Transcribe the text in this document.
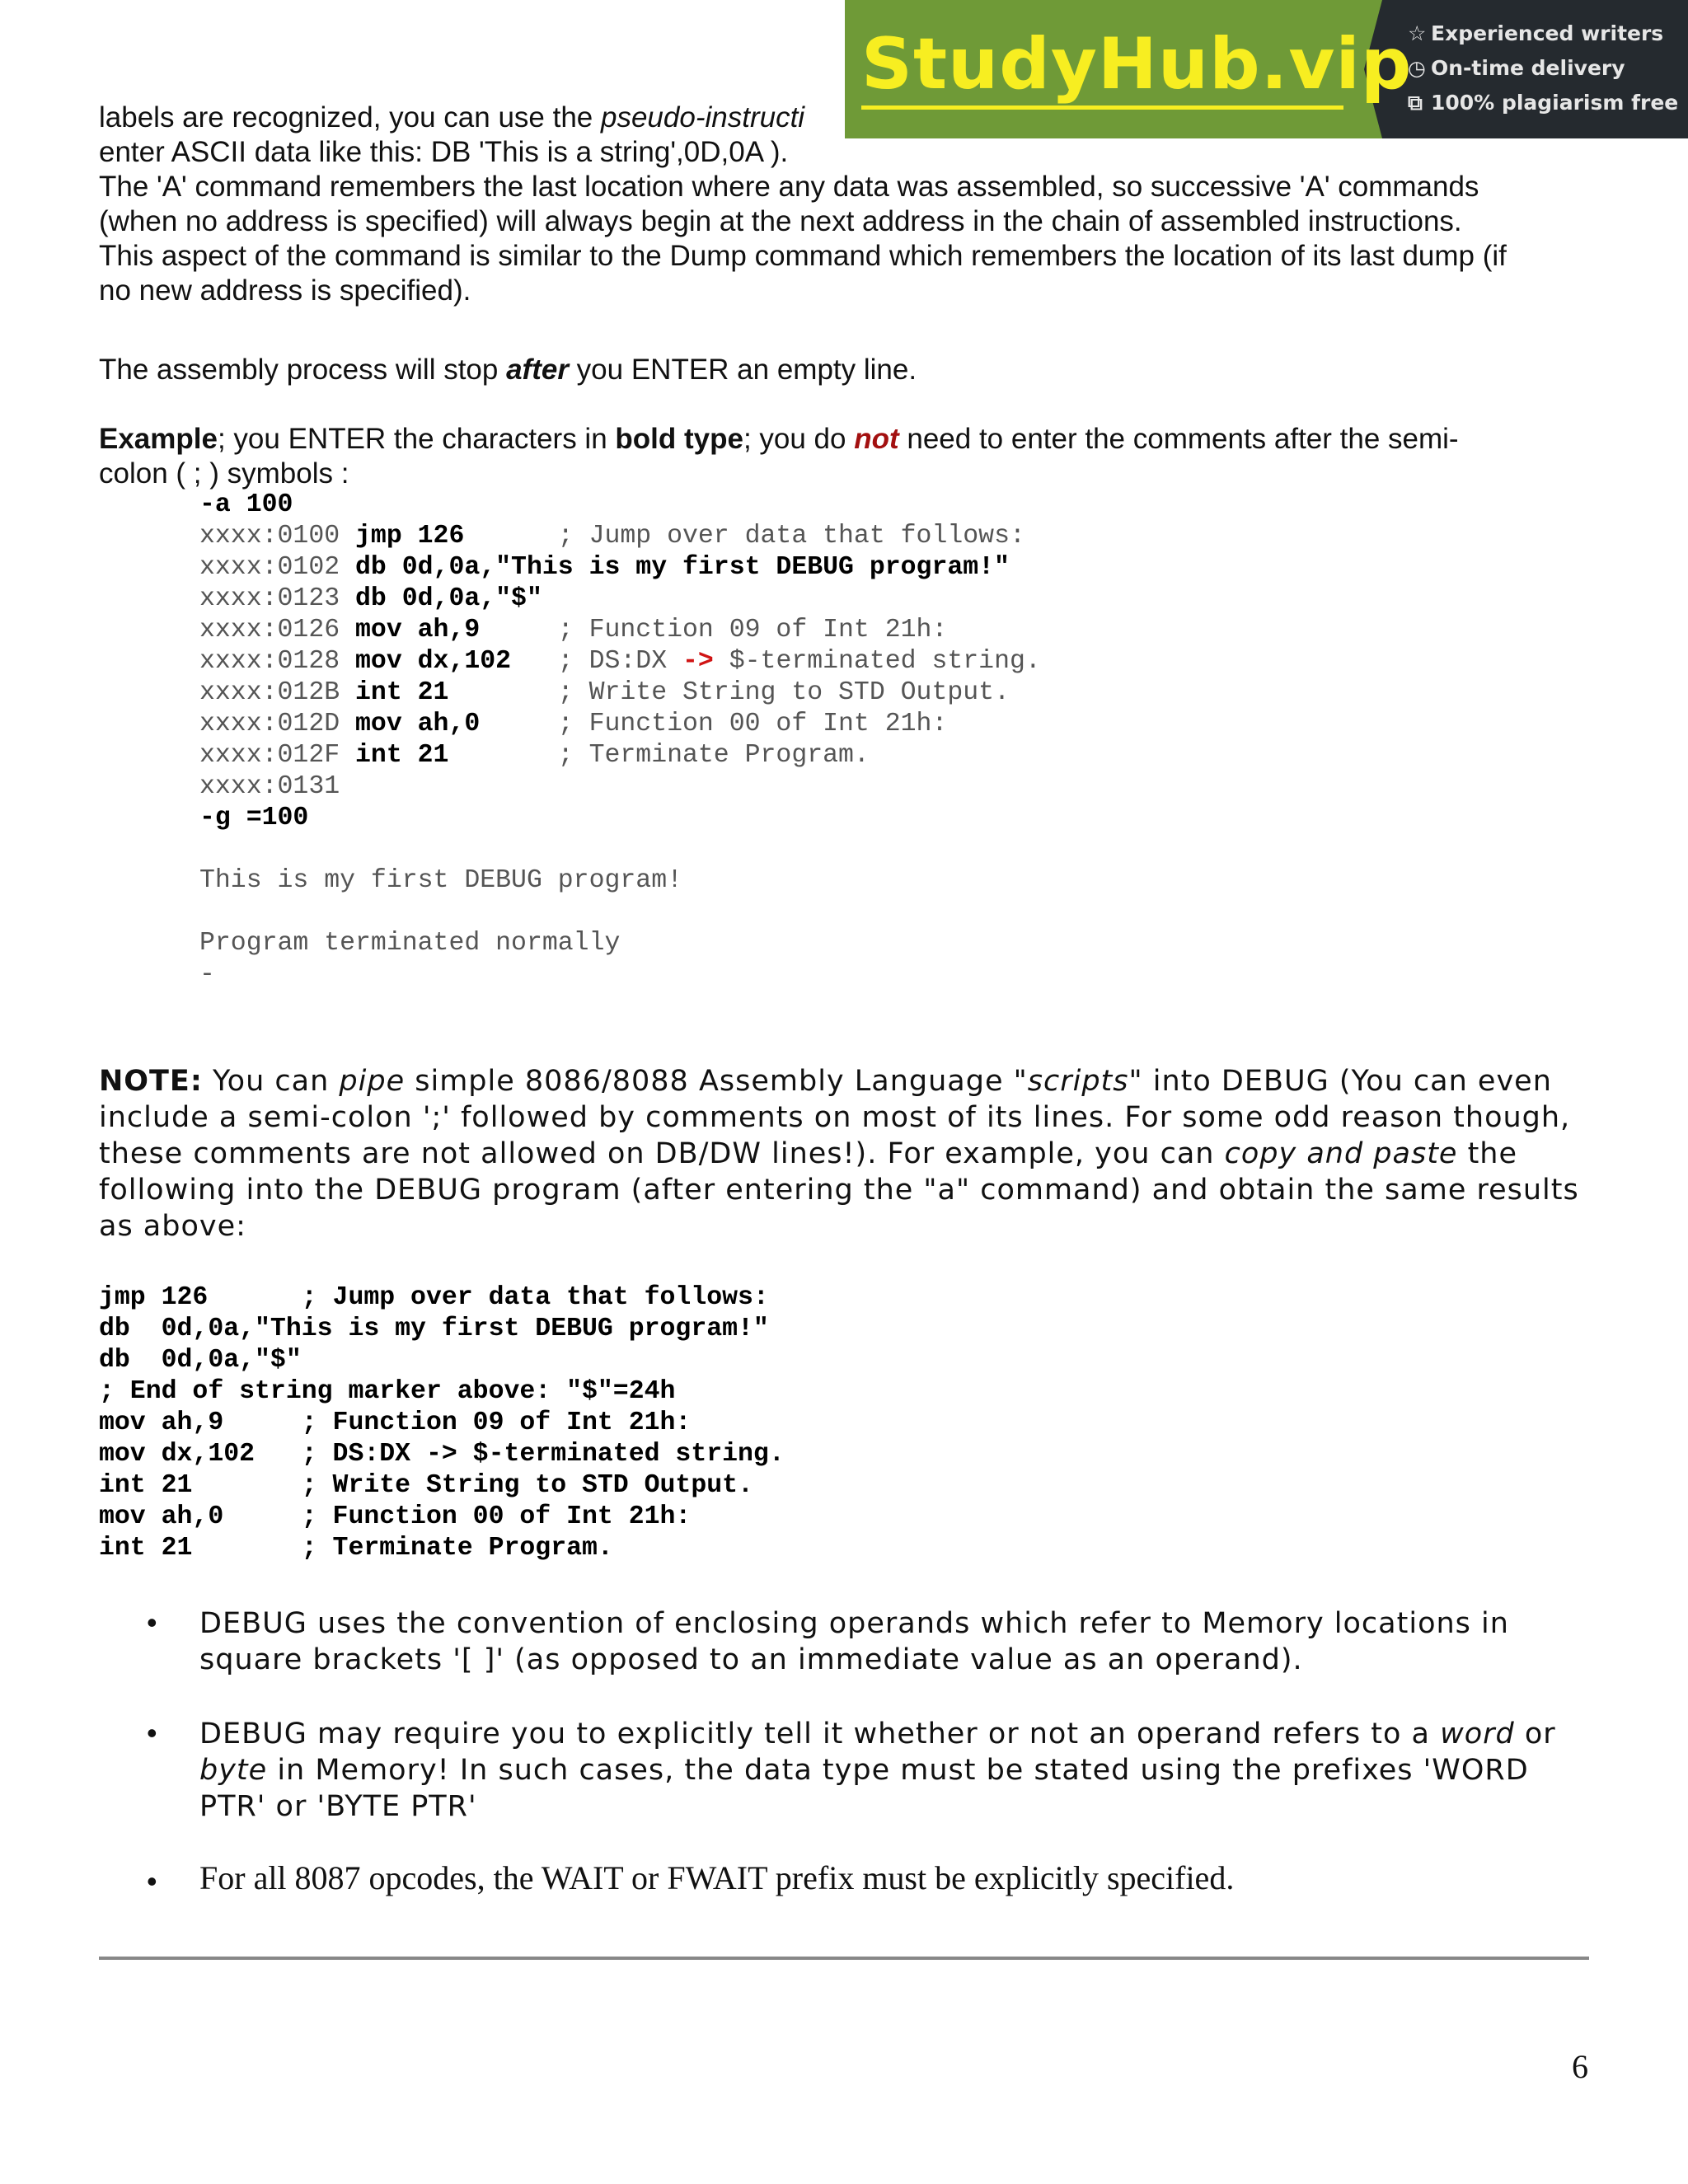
StudyHub.vip
☆ Experienced writers
◷ On-time delivery
⧉ 100% plagiarism free
labels are recognized, you can use the pseudo-instructi
enter ASCII data like this: DB 'This is a string',0D,0A ).
The 'A' command remembers the last location where any data was assembled, so successive 'A' commands
(when no address is specified) will always begin at the next address in the chain of assembled instructions.
This aspect of the command is similar to the Dump command which remembers the location of its last dump (if
no new address is specified).
The assembly process will stop after you ENTER an empty line.
Example; you ENTER the characters in bold type; you do not need to enter the comments after the semi-
colon ( ; ) symbols :
-a 100
xxxx:0100 jmp 126      ; Jump over data that follows:
xxxx:0102 db 0d,0a,"This is my first DEBUG program!"
xxxx:0123 db 0d,0a,"$"
xxxx:0126 mov ah,9     ; Function 09 of Int 21h:
xxxx:0128 mov dx,102   ; DS:DX -> $-terminated string.
xxxx:012B int 21       ; Write String to STD Output.
xxxx:012D mov ah,0     ; Function 00 of Int 21h:
xxxx:012F int 21       ; Terminate Program.
xxxx:0131
-g =100
This is my first DEBUG program!
Program terminated normally
-
NOTE: You can pipe simple 8086/8088 Assembly Language "scripts" into DEBUG (You can even
include a semi-colon ';' followed by comments on most of its lines. For some odd reason though,
these comments are not allowed on DB/DW lines!). For example, you can copy and paste the
following into the DEBUG program (after entering the "a" command) and obtain the same results
as above:
jmp 126      ; Jump over data that follows:
db  0d,0a,"This is my first DEBUG program!"
db  0d,0a,"$"
; End of string marker above: "$"=24h
mov ah,9     ; Function 09 of Int 21h:
mov dx,102   ; DS:DX -> $-terminated string.
int 21       ; Write String to STD Output.
mov ah,0     ; Function 00 of Int 21h:
int 21       ; Terminate Program.
• DEBUG uses the convention of enclosing operands which refer to Memory locations in
square brackets '[ ]' (as opposed to an immediate value as an operand).
• DEBUG may require you to explicitly tell it whether or not an operand refers to a word or
byte in Memory! In such cases, the data type must be stated using the prefixes 'WORD
PTR' or 'BYTE PTR'
• For all 8087 opcodes, the WAIT or FWAIT prefix must be explicitly specified.
6
